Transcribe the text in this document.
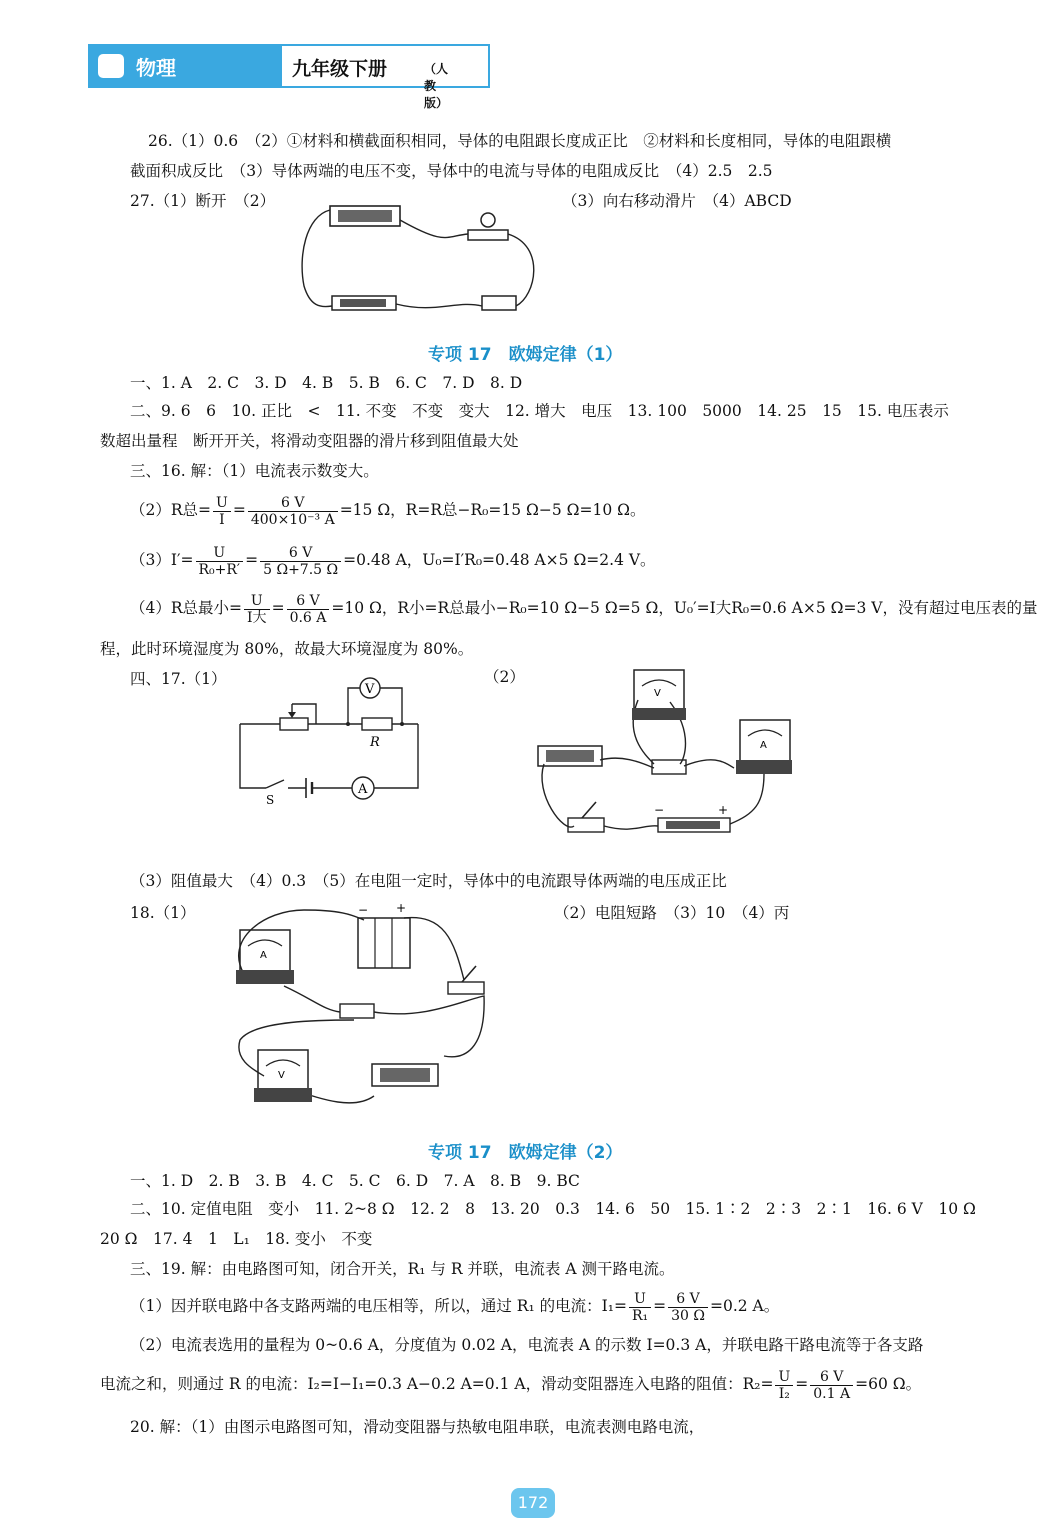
物理	九年级下册	（人教版）
26.（1）0.6　（2）①材料和横截面积相同，导体的电阻跟长度成正比　②材料和长度相同，导体的电阻跟横
截面积成反比　（3）导体两端的电压不变，导体中的电流与导体的电阻成反比　（4）2.5　2.5
27.（1）断开　（2）	（3）向右移动滑片　（4）ABCD
专项 17　欧姆定律（1）
一、1. A　2. C　3. D　4. B　5. B　6. C　7. D　8. D
二、9. 6　6　10. 正比　<　11. 不变　不变　变大　12. 增大　电压　13. 100　5000　14. 25　15　15. 电压表示
数超出量程　断开开关，将滑动变阻器的滑片移到阻值最大处
三、16. 解：（1）电流表示数变大。
（2）R总= $\frac{U}{I} = \frac{6 V}{\text{400×10⁻³ A}} =15$ Ω，R=R总−R₀=15 Ω−5 Ω=10 Ω。
$(3)I'= \frac{U}{\text{R₀+R′}} = \frac{6 V}{5 \Omega+7.5 \Omega} =0.48$ A，U₀=I′R₀=0.48 A×5 Ω=2.4 V。
（4）R总最小= $\frac{U}{\text{I大}} = \frac{6 V}{0.6 A} =10$ Ω，R小=R总最小−R₀=10 Ω−5 Ω=5 Ω，U₀′=I大R₀=0.6 A×5 Ω=3 V，没有超过电压表的量
程，此时环境湿度为 80%，故最大环境湿度为 80%。
四、17.（1）	（2）
A
V
R
S
V
A
−	+
（3）阻值最大　（4）0.3　（5）在电阻一定时，导体中的电流跟导体两端的电压成正比
18.（1）	（2）电阻短路　（3）10　（4）丙
A
− +
V
专项 17　欧姆定律（2）
一、1. D　2. B　3. B　4. C　5. C　6. D　7. A　8. B　9. BC
二、10. 定值电阻　变小　11. 2~8 Ω　12. 2　8　13. 20　0.3　14. 6　50　15. 1∶2　2∶3　2∶1　16. 6 V　10 Ω
20 Ω　17. 4　1　L₁　18. 变小　不变
三、19. 解：由电路图可知，闭合开关，R₁ 与 R 并联，电流表 A 测干路电流。
（1）因并联电路中各支路两端的电压相等，所以，通过 R₁ 的电流：$I_1= \frac{U}{\text{R₁}} = \frac{6 V}{30 \Omega} =0.2$ A。
（2）电流表选用的量程为 0~0.6 A，分度值为 0.02 A，电流表 A 的示数 I=0.3 A，并联电路干路电流等于各支路
电流之和，则通过 R 的电流：I₂=I−I₁=0.3 A−0.2 A=0.1 A，滑动变阻器连入电路的阻值：$R_2= \frac{U}{\text{I₂}} = \frac{6 V}{0.1 A} =60$ Ω。
20. 解：（1）由图示电路图可知，滑动变阻器与热敏电阻串联，电流表测电路电流，
172
